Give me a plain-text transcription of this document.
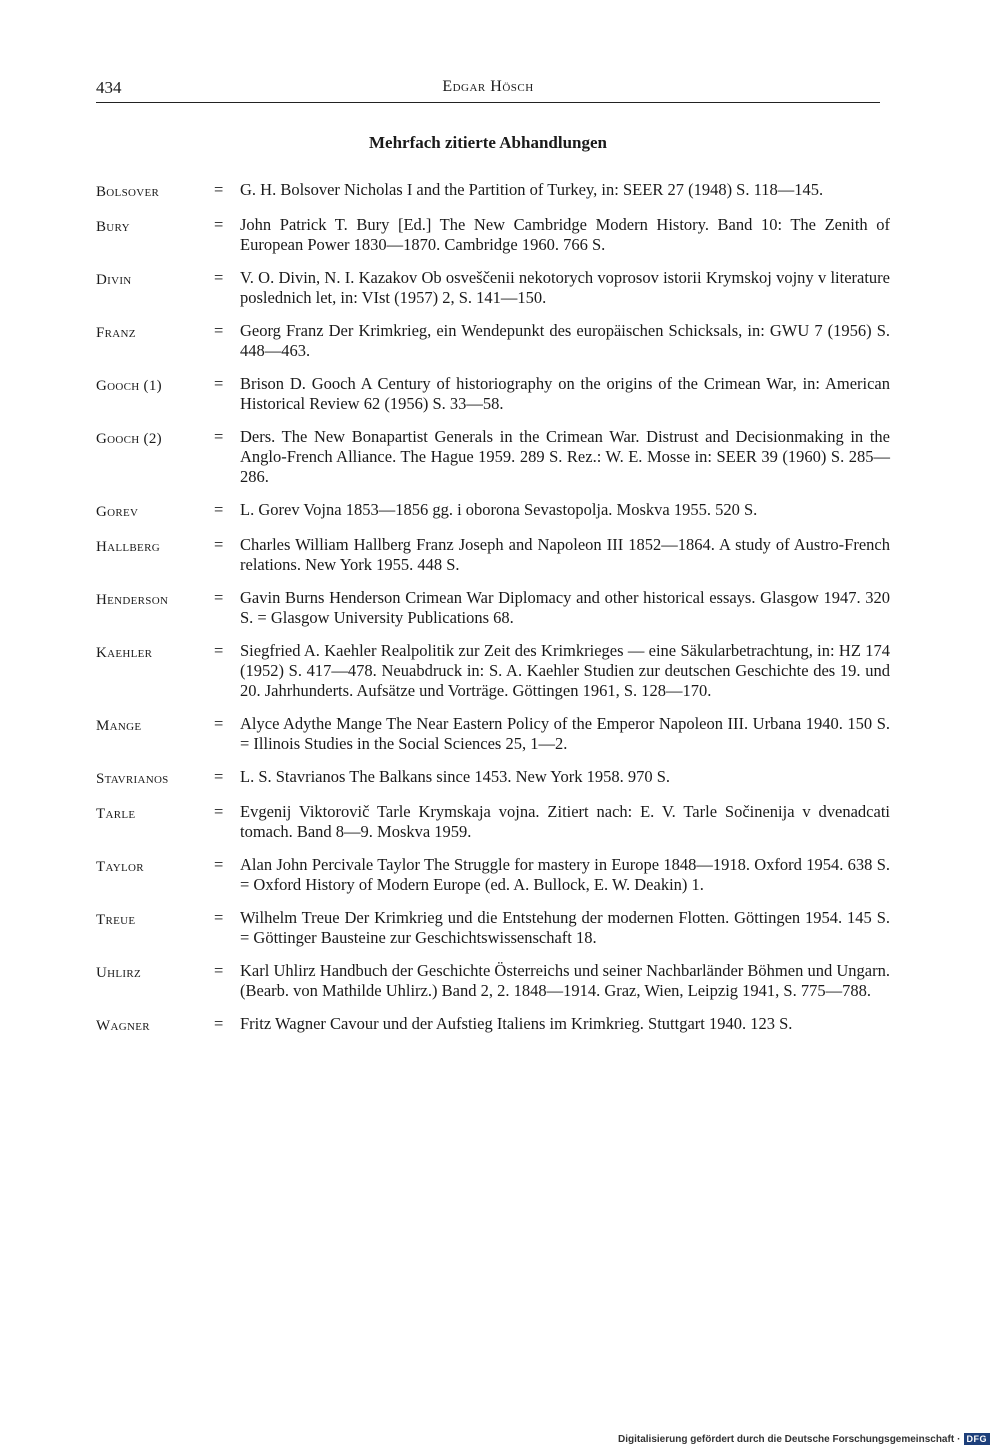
434	Edgar Hösch
Mehrfach zitierte Abhandlungen
Bolsover	=	G. H. Bolsover Nicholas I and the Partition of Turkey, in: SEER 27 (1948) S. 118—145.
Bury	=	John Patrick T. Bury [Ed.] The New Cambridge Modern History. Band 10: The Zenith of European Power 1830—1870. Cambridge 1960. 766 S.
Divin	=	V. O. Divin, N. I. Kazakov Ob osveščenii nekotorych voprosov istorii Krymskoj vojny v literature poslednich let, in: VIst (1957) 2, S. 141—150.
Franz	=	Georg Franz Der Krimkrieg, ein Wendepunkt des europäischen Schicksals, in: GWU 7 (1956) S. 448—463.
Gooch (1)	=	Brison D. Gooch A Century of historiography on the origins of the Crimean War, in: American Historical Review 62 (1956) S. 33—58.
Gooch (2)	=	Ders. The New Bonapartist Generals in the Crimean War. Distrust and Decisionmaking in the Anglo-French Alliance. The Hague 1959. 289 S. Rez.: W. E. Mosse in: SEER 39 (1960) S. 285—286.
Gorev	=	L. Gorev Vojna 1853—1856 gg. i oborona Sevastopolja. Moskva 1955. 520 S.
Hallberg	=	Charles William Hallberg Franz Joseph and Napoleon III 1852—1864. A study of Austro-French relations. New York 1955. 448 S.
Henderson	=	Gavin Burns Henderson Crimean War Diplomacy and other historical essays. Glasgow 1947. 320 S. = Glasgow University Publications 68.
Kaehler	=	Siegfried A. Kaehler Realpolitik zur Zeit des Krimkrieges — eine Säkularbetrachtung, in: HZ 174 (1952) S. 417—478. Neuabdruck in: S. A. Kaehler Studien zur deutschen Geschichte des 19. und 20. Jahrhunderts. Aufsätze und Vorträge. Göttingen 1961, S. 128—170.
Mange	=	Alyce Adythe Mange The Near Eastern Policy of the Emperor Napoleon III. Urbana 1940. 150 S. = Illinois Studies in the Social Sciences 25, 1—2.
Stavrianos	=	L. S. Stavrianos The Balkans since 1453. New York 1958. 970 S.
Tarle	=	Evgenij Viktorovič Tarle Krymskaja vojna. Zitiert nach: E. V. Tarle Sočinenija v dvenadcati tomach. Band 8—9. Moskva 1959.
Taylor	=	Alan John Percivale Taylor The Struggle for mastery in Europe 1848—1918. Oxford 1954. 638 S. = Oxford History of Modern Europe (ed. A. Bullock, E. W. Deakin) 1.
Treue	=	Wilhelm Treue Der Krimkrieg und die Entstehung der modernen Flotten. Göttingen 1954. 145 S. = Göttinger Bausteine zur Geschichtswissenschaft 18.
Uhlirz	=	Karl Uhlirz Handbuch der Geschichte Österreichs und seiner Nachbarländer Böhmen und Ungarn. (Bearb. von Mathilde Uhlirz.) Band 2, 2. 1848—1914. Graz, Wien, Leipzig 1941, S. 775—788.
Wagner	=	Fritz Wagner Cavour und der Aufstieg Italiens im Krimkrieg. Stuttgart 1940. 123 S.
Digitalisierung gefördert durch die Deutsche Forschungsgemeinschaft · DFG
